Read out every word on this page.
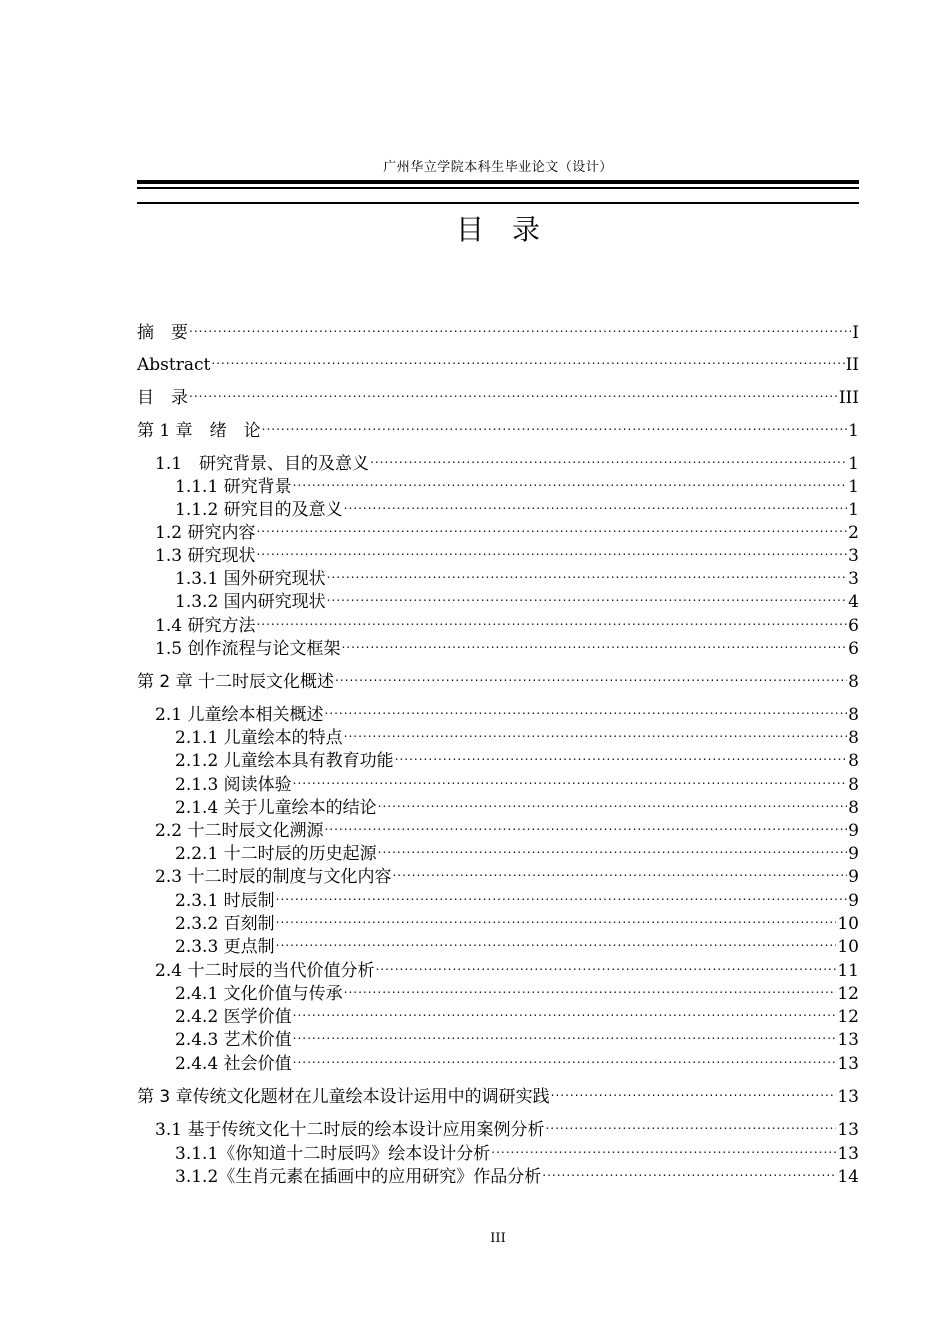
广州华立学院本科生毕业论文（设计）
目录
摘　要 .....	I
Abstract .....	II
目　录 .....	III
第 1 章　绪　论 .....	1
1.1　研究背景、目的及意义 .....	1
1.1.1 研究背景 .....	1
1.1.2 研究目的及意义 .....	1
1.2 研究内容 .....	2
1.3 研究现状 .....	3
1.3.1 国外研究现状 .....	3
1.3.2 国内研究现状 .....	4
1.4 研究方法 .....	6
1.5 创作流程与论文框架 .....	6
第 2 章 十二时辰文化概述 .....	8
2.1 儿童绘本相关概述 .....	8
2.1.1 儿童绘本的特点 .....	8
2.1.2 儿童绘本具有教育功能 .....	8
2.1.3 阅读体验 .....	8
2.1.4 关于儿童绘本的结论 .....	8
2.2 十二时辰文化溯源 .....	9
2.2.1 十二时辰的历史起源 .....	9
2.3 十二时辰的制度与文化内容 .....	9
2.3.1 时辰制 .....	9
2.3.2 百刻制 .....	10
2.3.3 更点制 .....	10
2.4 十二时辰的当代价值分析 .....	11
2.4.1 文化价值与传承 .....	12
2.4.2 医学价值 .....	12
2.4.3 艺术价值 .....	13
2.4.4 社会价值 .....	13
第 3 章传统文化题材在儿童绘本设计运用中的调研实践 .....	13
3.1 基于传统文化十二时辰的绘本设计应用案例分析 .....	13
3.1.1《你知道十二时辰吗》绘本设计分析 .....	13
3.1.2《生肖元素在插画中的应用研究》作品分析 .....	14
III
